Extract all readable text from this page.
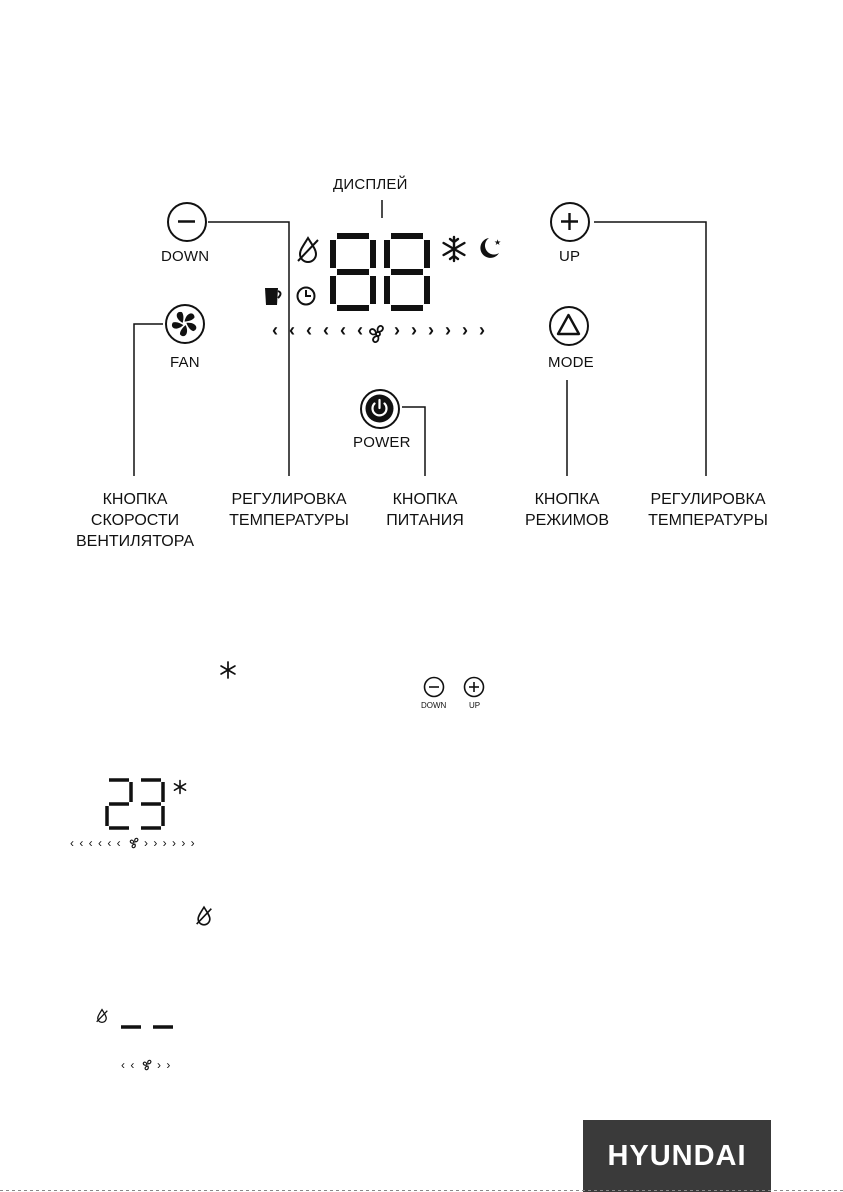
ДИСПЛЕЙ
DOWN	UP
FAN	MODE
POWER
★
‹ ‹ ‹ ‹ ‹ ‹ › › › › › ›
КНОПКА
СКОРОСТИ
ВЕНТИЛЯТОРА
РЕГУЛИРОВКА
ТЕМПЕРАТУРЫ
КНОПКА
ПИТАНИЯ
КНОПКА
РЕЖИМОВ
РЕГУЛИРОВКА
ТЕМПЕРАТУРЫ
DOWN	UP
‹ ‹ ‹ ‹ ‹ ‹ › › › › › ›
‹ ‹ › ›
HYUNDAI
